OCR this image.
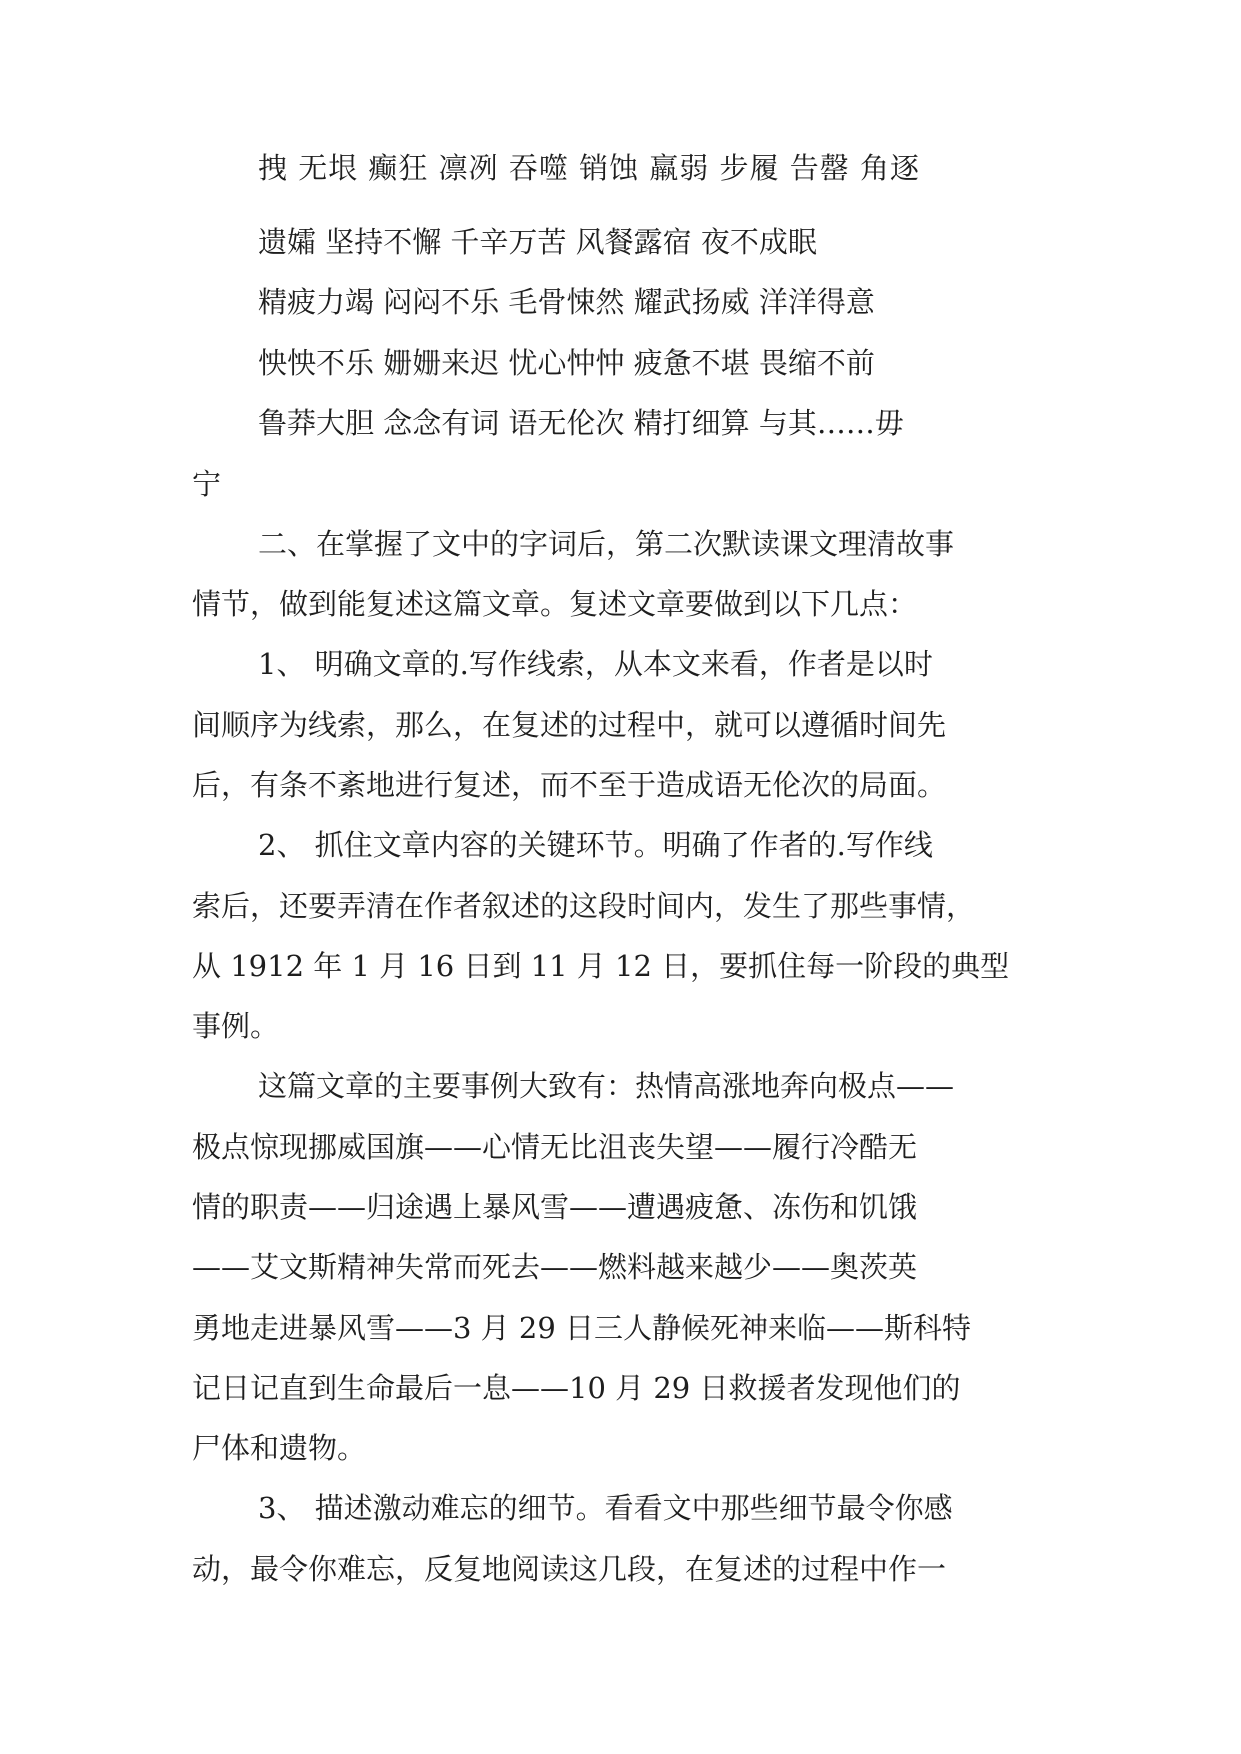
拽 无垠 癫狂 凛冽 吞噬 销蚀 羸弱 步履 告罄 角逐
遗孀 坚持不懈 千辛万苦 风餐露宿 夜不成眠
精疲力竭 闷闷不乐 毛骨悚然 耀武扬威 洋洋得意
怏怏不乐 姗姗来迟 忧心忡忡 疲惫不堪 畏缩不前
鲁莽大胆 念念有词 语无伦次 精打细算 与其……毋
宁
二、在掌握了文中的字词后，第二次默读课文理清故事
情节，做到能复述这篇文章。复述文章要做到以下几点：
1、 明确文章的.写作线索，从本文来看，作者是以时
间顺序为线索，那么，在复述的过程中，就可以遵循时间先
后，有条不紊地进行复述，而不至于造成语无伦次的局面。
2、 抓住文章内容的关键环节。明确了作者的.写作线
索后，还要弄清在作者叙述的这段时间内，发生了那些事情，
从 1912 年 1 月 16 日到 11 月 12 日，要抓住每一阶段的典型
事例。
这篇文章的主要事例大致有：热情高涨地奔向极点——
极点惊现挪威国旗——心情无比沮丧失望——履行冷酷无
情的职责——归途遇上暴风雪——遭遇疲惫、冻伤和饥饿
——艾文斯精神失常而死去——燃料越来越少——奥茨英
勇地走进暴风雪——3 月 29 日三人静候死神来临——斯科特
记日记直到生命最后一息——10 月 29 日救援者发现他们的
尸体和遗物。
3、 描述激动难忘的细节。看看文中那些细节最令你感
动，最令你难忘，反复地阅读这几段，在复述的过程中作一
